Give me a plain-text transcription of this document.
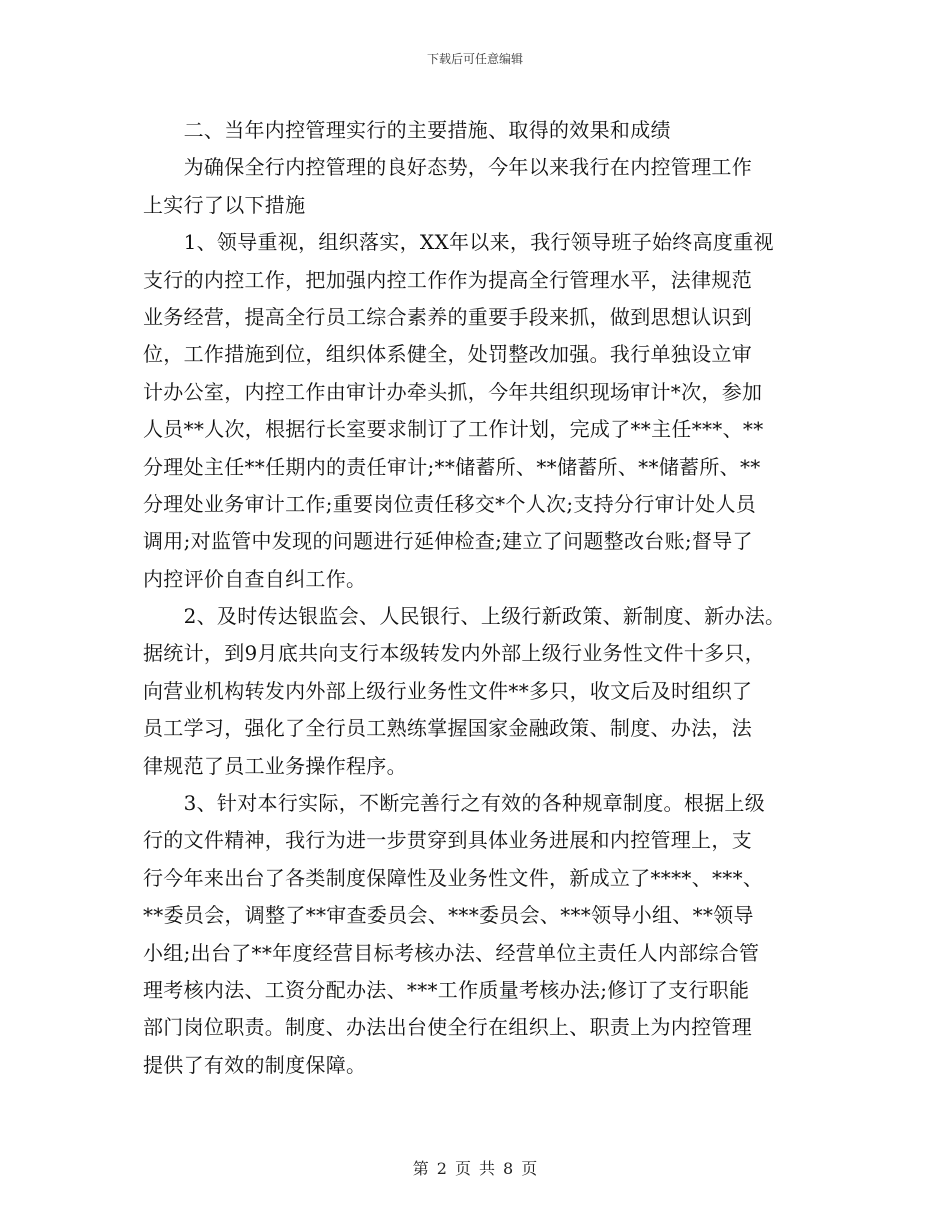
下载后可任意编辑
　　二、当年内控管理实行的主要措施、取得的效果和成绩
　　为确保全行内控管理的良好态势，今年以来我行在内控管理工作
上实行了以下措施
　　1、领导重视，组织落实，XX年以来，我行领导班子始终高度重视
支行的内控工作，把加强内控工作作为提高全行管理水平，法律规范
业务经营，提高全行员工综合素养的重要手段来抓，做到思想认识到
位，工作措施到位，组织体系健全，处罚整改加强。我行单独设立审
计办公室，内控工作由审计办牵头抓，今年共组织现场审计*次，参加
人员**人次，根据行长室要求制订了工作计划，完成了**主任***、**
分理处主任**任期内的责任审计;**储蓄所、**储蓄所、**储蓄所、**
分理处业务审计工作;重要岗位责任移交*个人次;支持分行审计处人员
调用;对监管中发现的问题进行延伸检查;建立了问题整改台账;督导了
内控评价自查自纠工作。
　　2、及时传达银监会、人民银行、上级行新政策、新制度、新办法。
据统计，到9月底共向支行本级转发内外部上级行业务性文件十多只，
向营业机构转发内外部上级行业务性文件**多只，收文后及时组织了
员工学习，强化了全行员工熟练掌握国家金融政策、制度、办法，法
律规范了员工业务操作程序。
　　3、针对本行实际，不断完善行之有效的各种规章制度。根据上级
行的文件精神，我行为进一步贯穿到具体业务进展和内控管理上，支
行今年来出台了各类制度保障性及业务性文件，新成立了****、***、
**委员会，调整了**审查委员会、***委员会、***领导小组、**领导
小组;出台了**年度经营目标考核办法、经营单位主责任人内部综合管
理考核内法、工资分配办法、***工作质量考核办法;修订了支行职能
部门岗位职责。制度、办法出台使全行在组织上、职责上为内控管理
提供了有效的制度保障。
第 2 页 共 8 页
